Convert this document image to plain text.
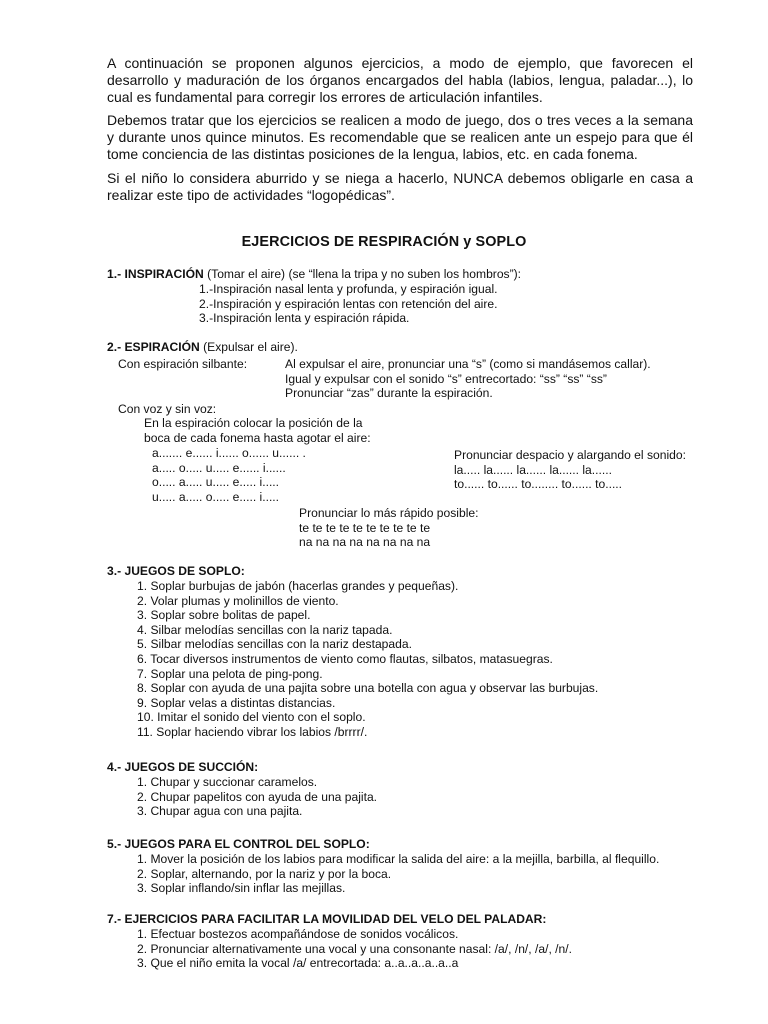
A continuación se proponen algunos ejercicios, a modo de ejemplo, que favorecen el desarrollo y maduración de los órganos encargados del habla (labios, lengua, paladar...), lo cual es fundamental para corregir los errores de articulación infantiles.

Debemos tratar que los ejercicios se realicen a modo de juego, dos o tres veces a la semana y durante unos quince minutos. Es recomendable que se realicen ante un espejo para que él tome conciencia de las distintas posiciones de la lengua, labios, etc. en cada fonema.

Si el niño lo considera aburrido y se niega a hacerlo, NUNCA debemos obligarle en casa a realizar este tipo de actividades “logopédicas”.

EJERCICIOS DE RESPIRACIÓN y SOPLO
1.- INSPIRACIÓN (Tomar el aire) (se “llena la tripa y no suben los hombros”):
1.-Inspiración nasal lenta y profunda, y espiración igual.
2.-Inspiración y espiración lentas con retención del aire.
3.-Inspiración lenta y espiración rápida.
2.- ESPIRACIÓN (Expulsar el aire).
Con espiración silbante:	Al expulsar el aire, pronunciar una “s” (como si mandásemos callar).
Igual y expulsar con el sonido “s” entrecortado: “ss” “ss” “ss”
Pronunciar “zas” durante la espiración.
Con voz y sin voz:
En la espiración colocar la posición de la
boca de cada fonema hasta agotar el aire:
a....... e...... i...... o...... u...... .
a..... o..... u..... e...... i......
o..... a..... u..... e..... i.....
u..... a..... o..... e..... i.....
Pronunciar despacio y alargando el sonido:
la..... la...... la...... la...... la......
to...... to...... to........ to...... to.....
Pronunciar lo más rápido posible:
te te te te te te te te te te
na na na na na na na na
3.- JUEGOS DE SOPLO:
1. Soplar burbujas de jabón (hacerlas grandes y pequeñas).
2. Volar plumas y molinillos de viento.
3. Soplar sobre bolitas de papel.
4. Silbar melodías sencillas con la nariz tapada.
5. Silbar melodías sencillas con la nariz destapada.
6. Tocar diversos instrumentos de viento como flautas, silbatos, matasuegras.
7. Soplar una pelota de ping-pong.
8. Soplar con ayuda de una pajita sobre una botella con agua y observar las burbujas.
9. Soplar velas a distintas distancias.
10. Imitar el sonido del viento con el soplo.
11. Soplar haciendo vibrar los labios /brrrr/.
4.- JUEGOS DE SUCCIÓN:
1. Chupar y succionar caramelos.
2. Chupar papelitos con ayuda de una pajita.
3. Chupar agua con una pajita.
5.- JUEGOS PARA EL CONTROL DEL SOPLO:
1. Mover la posición de los labios para modificar la salida del aire: a la mejilla, barbilla, al flequillo.
2. Soplar, alternando, por la nariz y por la boca.
3. Soplar inflando/sin inflar las mejillas.
7.- EJERCICIOS PARA FACILITAR LA MOVILIDAD DEL VELO DEL PALADAR:
1. Efectuar bostezos acompañándose de sonidos vocálicos.
2. Pronunciar alternativamente una vocal y una consonante nasal: /a/, /n/, /a/, /n/.
3. Que el niño emita la vocal /a/ entrecortada: a..a..a..a..a..a
